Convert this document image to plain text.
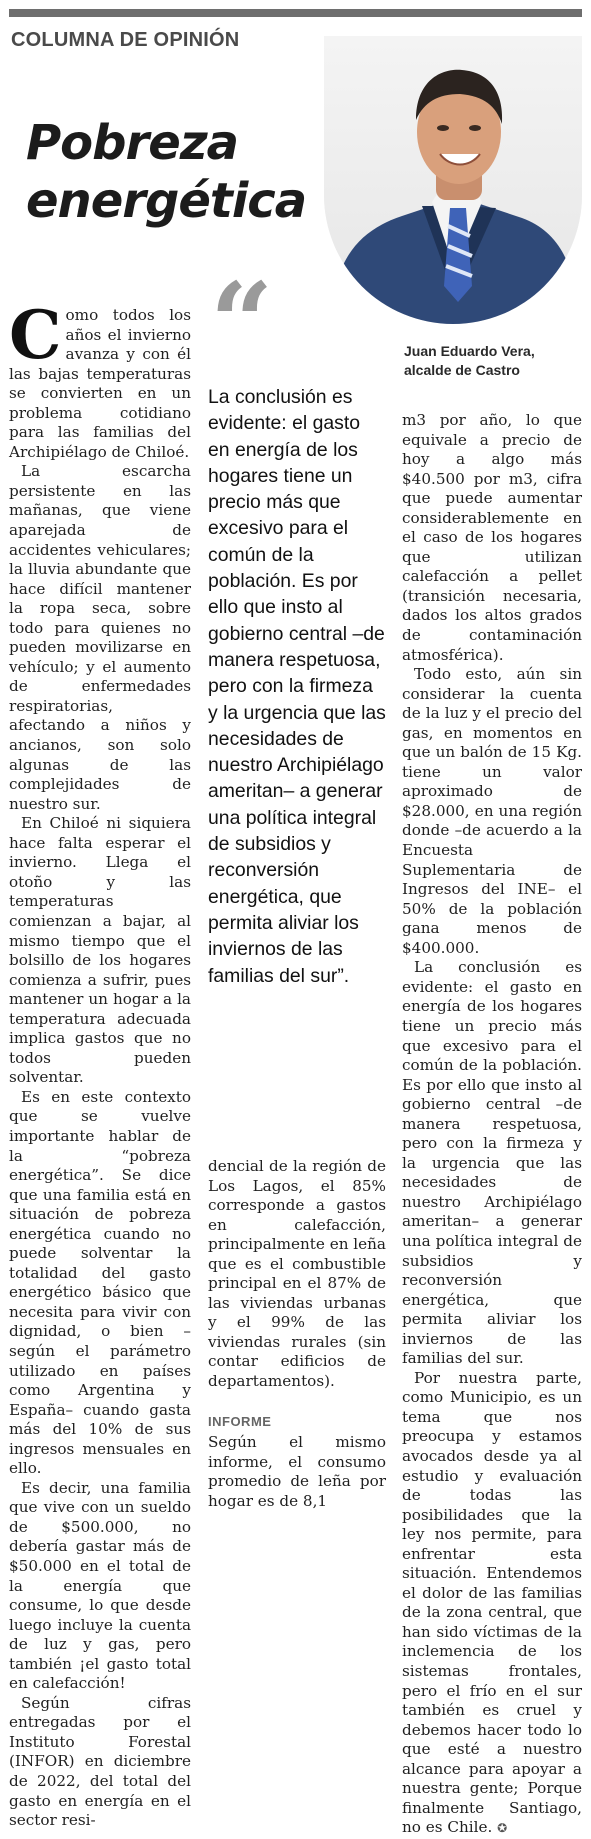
COLUMNA DE OPINIÓN
Pobreza
energética
Juan Eduardo Vera,
alcalde de Castro
“
La conclusión es evidente: el gasto en energía de los hogares tiene un precio más que excesivo para el común de la población. Es por ello que insto al gobierno central –de manera respetuosa, pero con la firmeza y la urgencia que las necesidades de nuestro Archipiélago ameritan– a generar una política integral de subsidios y reconversión energética, que permita aliviar los inviernos de las familias del sur”.

Como todos los años el invierno avanza y con él las bajas temperaturas se convierten en un problema cotidiano para las familias del Archipiélago de Chiloé.

La escarcha persistente en las mañanas, que viene aparejada de accidentes vehiculares; la lluvia abundante que hace difícil mantener la ropa seca, sobre todo para quienes no pueden movilizarse en vehículo; y el aumento de enfermedades respiratorias, afectando a niños y ancianos, son solo algunas de las complejidades de nuestro sur.

En Chiloé ni siquiera hace falta esperar el invierno. Llega el otoño y las temperaturas comienzan a bajar, al mismo tiempo que el bolsillo de los hogares comienza a sufrir, pues mantener un hogar a la temperatura adecuada implica gastos que no todos pueden solventar.

Es en este contexto que se vuelve importante hablar de la “pobreza energética”. Se dice que una familia está en situación de pobreza energética cuando no puede solventar la totalidad del gasto energético básico que necesita para vivir con dignidad, o bien –según el parámetro utilizado en países como Argentina y España– cuando gasta más del 10% de sus ingresos mensuales en ello.

Es decir, una familia que vive con un sueldo de $500.000, no debería gastar más de $50.000 en el total de la energía que consume, lo que desde luego incluye la cuenta de luz y gas, pero también ¡el gasto total en calefacción!

Según cifras entregadas por el Instituto Forestal (INFOR) en diciembre de 2022, del total del gasto en energía en el sector resi-

dencial de la región de Los Lagos, el 85% corresponde a gastos en calefacción, principalmente en leña que es el combustible principal en el 87% de las viviendas urbanas y el 99% de las viviendas rurales (sin contar edificios de departamentos).

INFORME

Según el mismo informe, el consumo promedio de leña por hogar es de 8,1

m3 por año, lo que equivale a precio de hoy a algo más $40.500 por m3, cifra que puede aumentar considerablemente en el caso de los hogares que utilizan calefacción a pellet (transición necesaria, dados los altos grados de contaminación atmosférica).

Todo esto, aún sin considerar la cuenta de la luz y el precio del gas, en momentos en que un balón de 15 Kg. tiene un valor aproximado de $28.000, en una región donde –de acuerdo a la Encuesta Suplementaria de Ingresos del INE– el 50% de la población gana menos de $400.000.

La conclusión es evidente: el gasto en energía de los hogares tiene un precio más que excesivo para el común de la población. Es por ello que insto al gobierno central –de manera respetuosa, pero con la firmeza y la urgencia que las necesidades de nuestro Archipiélago ameritan– a generar una política integral de subsidios y reconversión energética, que permita aliviar los inviernos de las familias del sur.

Por nuestra parte, como Municipio, es un tema que nos preocupa y estamos avocados desde ya al estudio y evaluación de todas las posibilidades que la ley nos permite, para enfrentar esta situación. Entendemos el dolor de las familias de la zona central, que han sido víctimas de la inclemencia de los sistemas frontales, pero el frío en el sur también es cruel y debemos hacer todo lo que esté a nuestro alcance para apoyar a nuestra gente; Porque finalmente Santiago, no es Chile. ✪
